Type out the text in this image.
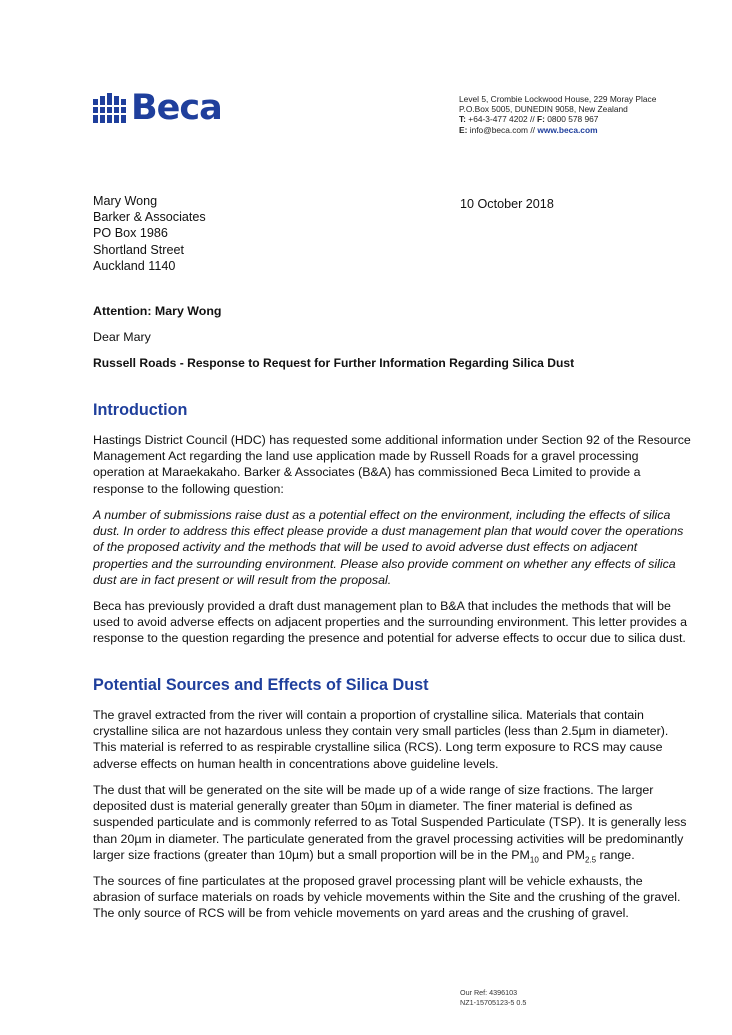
Beca	Level 5, Crombie Lockwood House, 229 Moray Place
P.O.Box 5005, DUNEDIN 9058, New Zealand
T: +64-3-477 4202 // F: 0800 578 967
E: info@beca.com // www.beca.com
Mary Wong
Barker & Associates
PO Box 1986
Shortland Street
Auckland 1140
10 October 2018
Attention: Mary Wong
Dear Mary
Russell Roads - Response to Request for Further Information Regarding Silica Dust
Introduction
Hastings District Council (HDC) has requested some additional information under Section 92 of the Resource Management Act regarding the land use application made by Russell Roads for a gravel processing operation at Maraekakaho. Barker & Associates (B&A) has commissioned Beca Limited to provide a response to the following question:
A number of submissions raise dust as a potential effect on the environment, including the effects of silica dust. In order to address this effect please provide a dust management plan that would cover the operations of the proposed activity and the methods that will be used to avoid adverse dust effects on adjacent properties and the surrounding environment. Please also provide comment on whether any effects of silica dust are in fact present or will result from the proposal.
Beca has previously provided a draft dust management plan to B&A that includes the methods that will be used to avoid adverse effects on adjacent properties and the surrounding environment. This letter provides a response to the question regarding the presence and potential for adverse effects to occur due to silica dust.
Potential Sources and Effects of Silica Dust
The gravel extracted from the river will contain a proportion of crystalline silica. Materials that contain crystalline silica are not hazardous unless they contain very small particles (less than 2.5µm in diameter). This material is referred to as respirable crystalline silica (RCS). Long term exposure to RCS may cause adverse effects on human health in concentrations above guideline levels.
The dust that will be generated on the site will be made up of a wide range of size fractions. The larger deposited dust is material generally greater than 50µm in diameter. The finer material is defined as suspended particulate and is commonly referred to as Total Suspended Particulate (TSP). It is generally less than 20µm in diameter. The particulate generated from the gravel processing activities will be predominantly larger size fractions (greater than 10µm) but a small proportion will be in the $PM_{10}$ and $PM_{2.5}$ range.
The sources of fine particulates at the proposed gravel processing plant will be vehicle exhausts, the abrasion of surface materials on roads by vehicle movements within the Site and the crushing of the gravel. The only source of RCS will be from vehicle movements on yard areas and the crushing of gravel.
Our Ref: 4396103
NZ1-15705123-5 0.5
